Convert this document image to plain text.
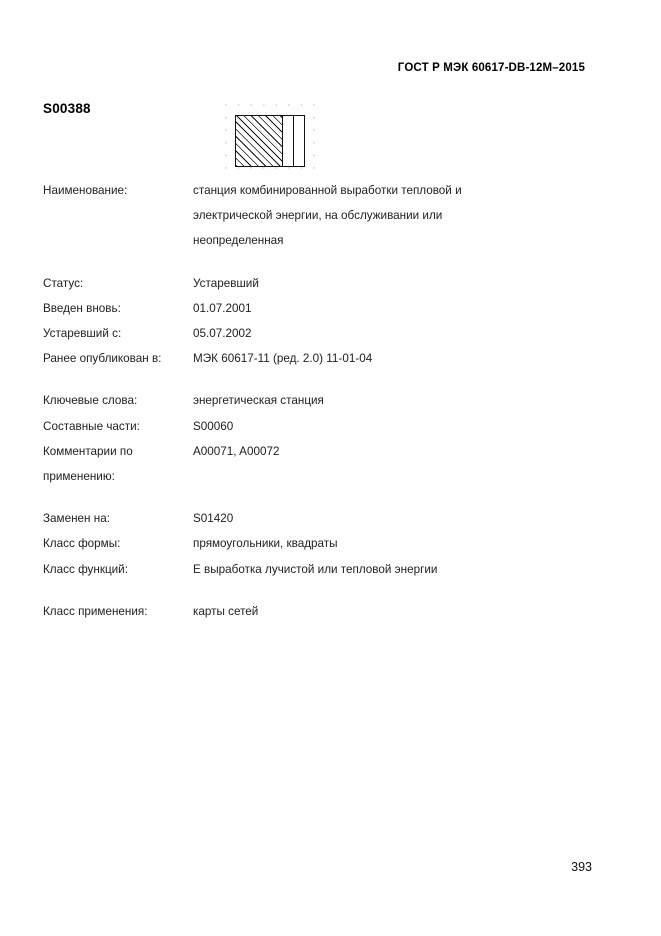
ГОСТ Р МЭК 60617-DB-12M–2015
S00388
Наименование:	станция комбинированной выработки тепловой и
электрической энергии, на обслуживании или
неопределенная
Статус:	Устаревший
Введен вновь:	01.07.2001
Устаревший с:	05.07.2002
Ранее опубликован в:	МЭК 60617-11 (ред. 2.0) 11-01-04
Ключевые слова:	энергетическая станция
Составные части:	S00060
Комментарии по
применению:
A00071, A00072
Заменен на:	S01420
Класс формы:	прямоугольники, квадраты
Класс функций:	Е выработка лучистой или тепловой энергии
Класс применения:	карты сетей
393
